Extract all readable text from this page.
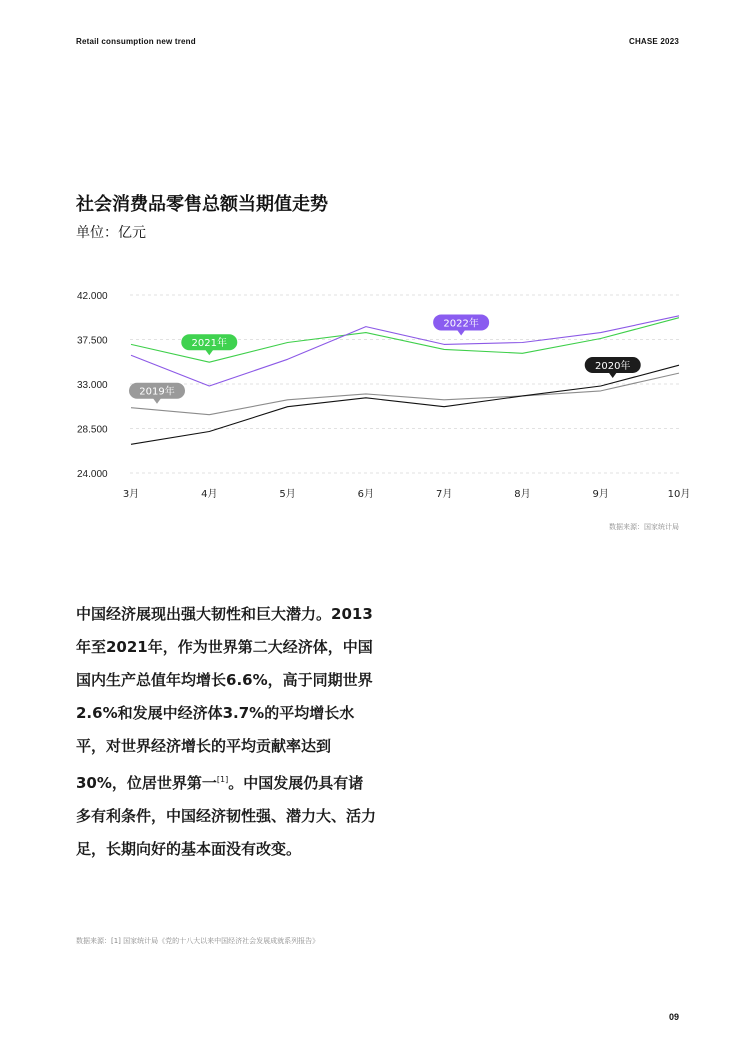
Retail consumption new trend	CHASE 2023
社会消费品零售总额当期值走势
单位：亿元
42.000
37.500
33.000
28.500
24.000
3月	4月	5月	6月	7月	8月	9月	10月
2019年
2020年
2021年
2022年
数据来源：国家统计局
中国经济展现出强大韧性和巨大潜力。2013年至2021年，作为世界第二大经济体，中国国内生产总值年均增长6.6%，高于同期世界2.6%和发展中经济体3.7%的平均增长水平，对世界经济增长的平均贡献率达到30%，位居世界第一[1]。中国发展仍具有诸多有利条件，中国经济韧性强、潜力大、活力足，长期向好的基本面没有改变。
数据来源：[1] 国家统计局《党的十八大以来中国经济社会发展成就系列报告》
09
